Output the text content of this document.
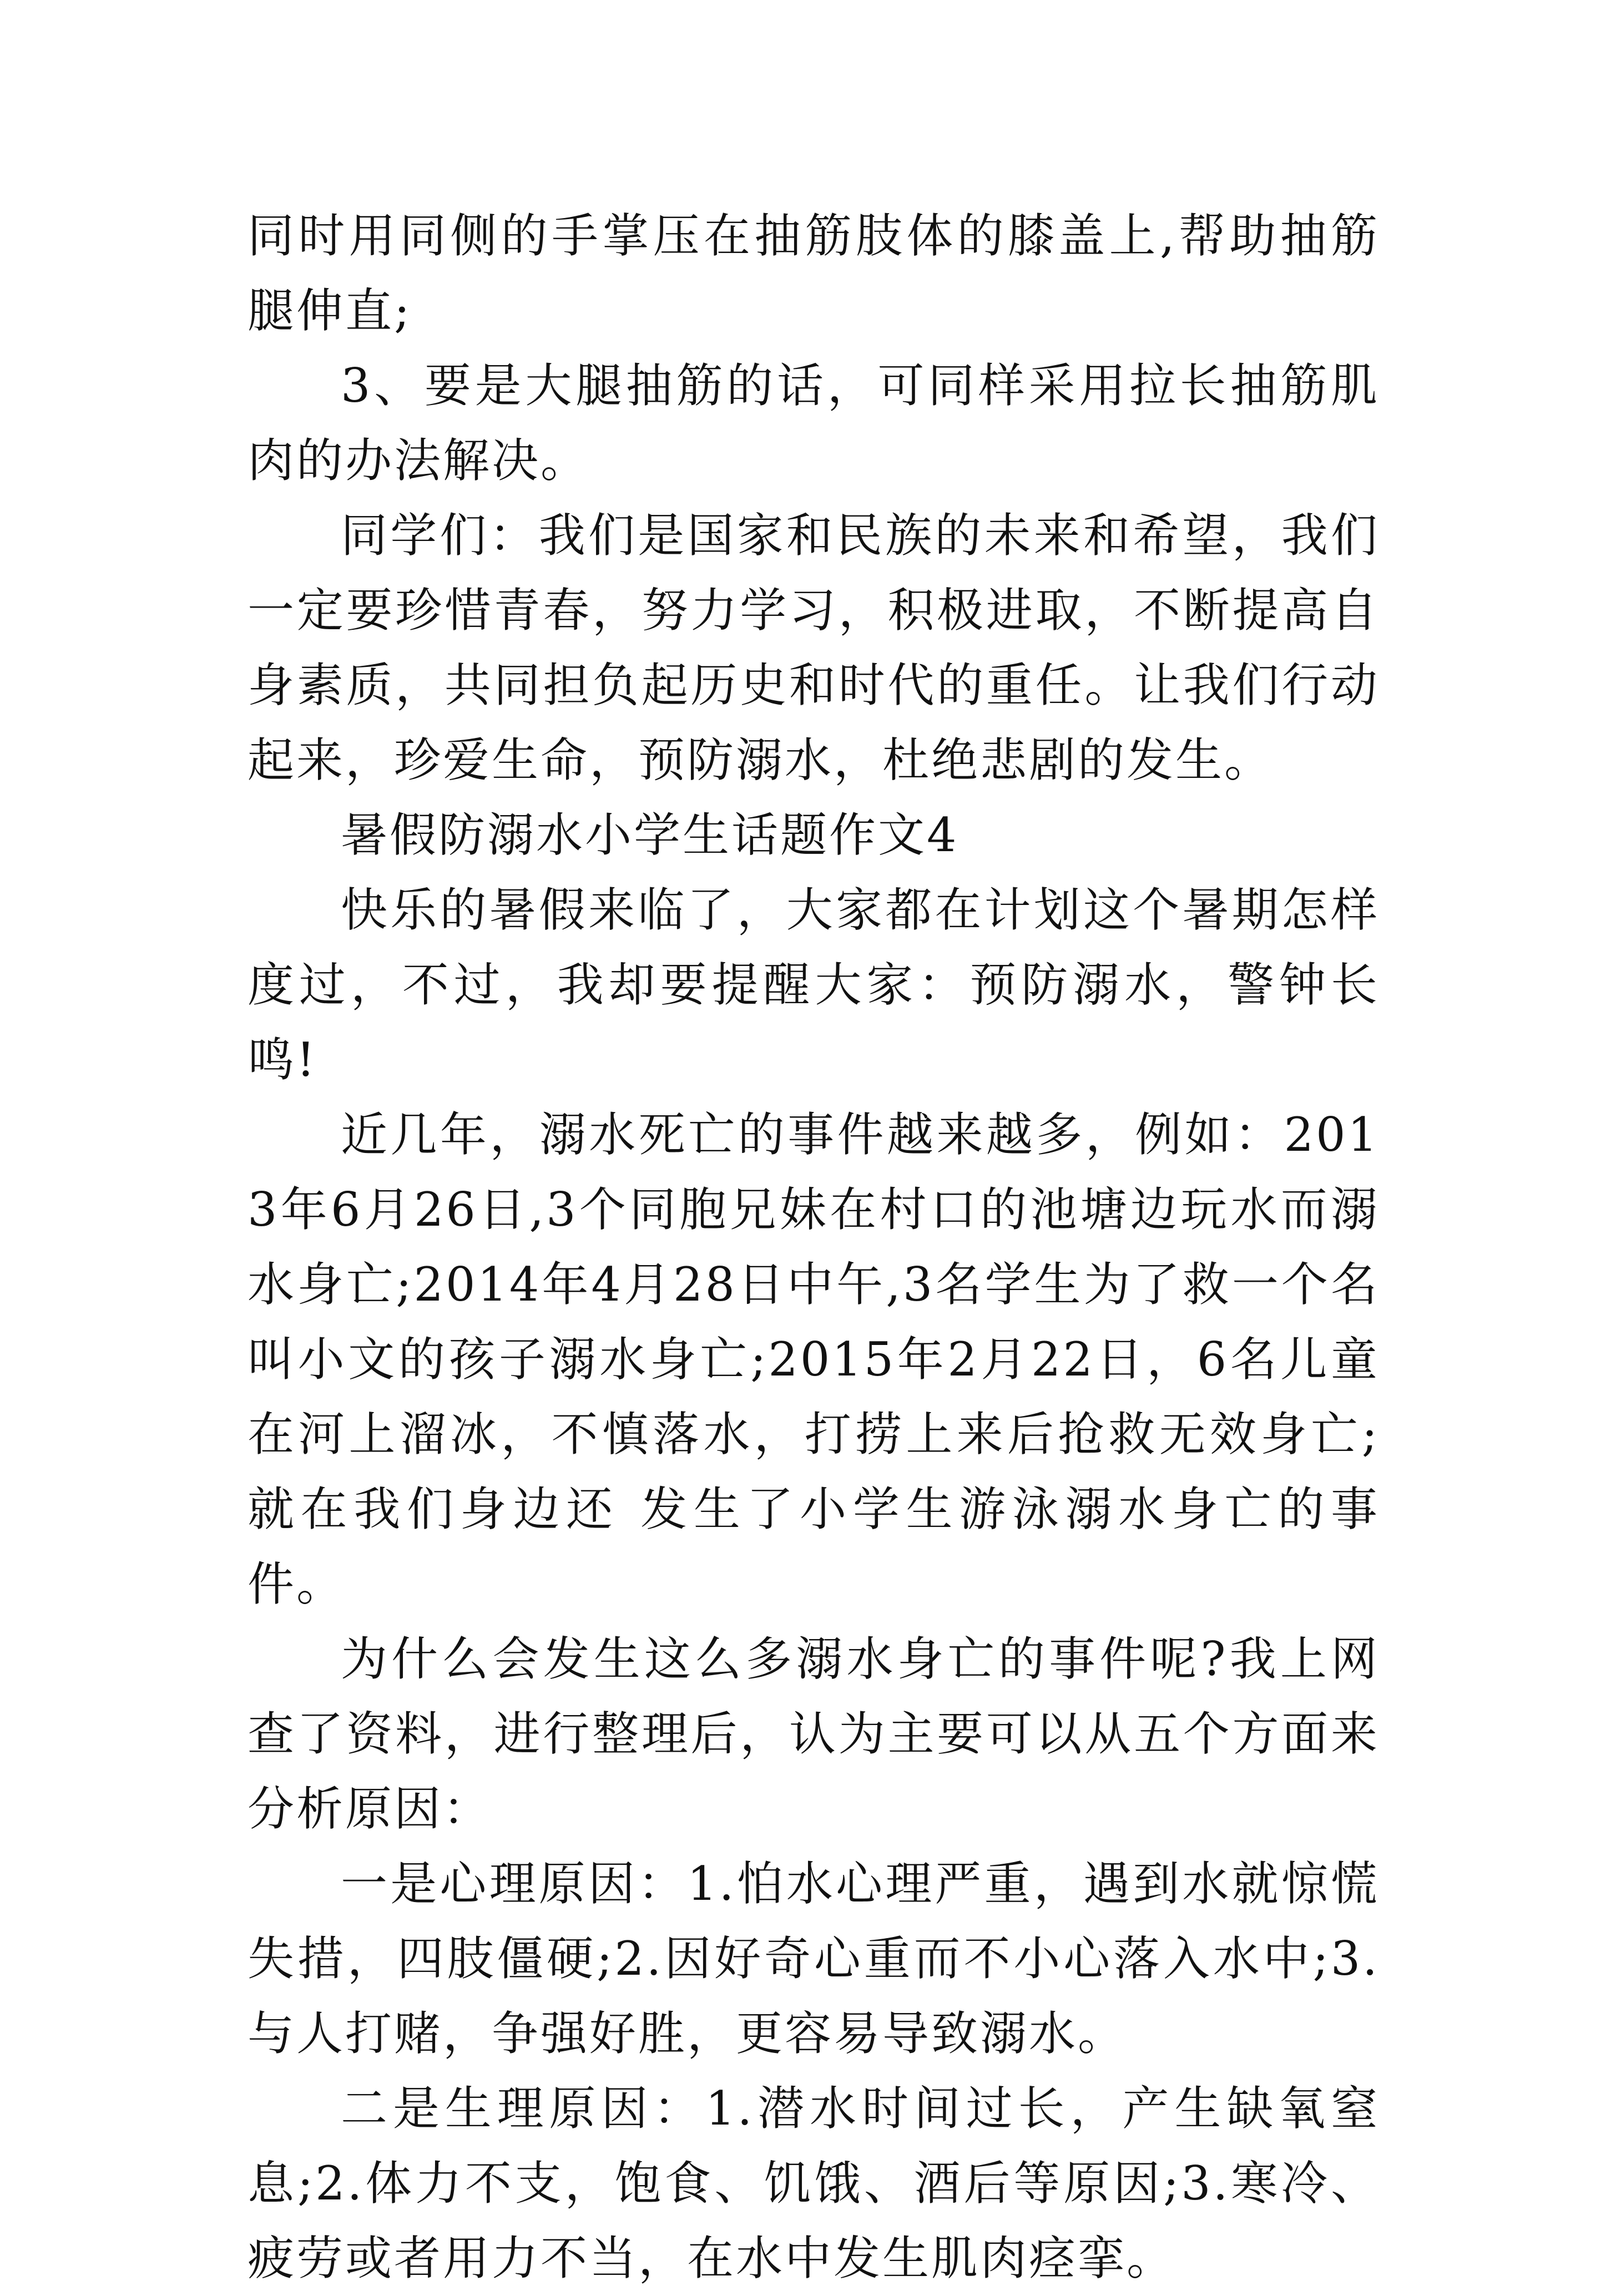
同时用同侧的手掌压在抽筋肢体的膝盖上,帮助抽筋腿伸直;

3、要是大腿抽筋的话，可同样采用拉长抽筋肌肉的办法解决。

同学们：我们是国家和民族的未来和希望，我们一定要珍惜青春，努力学习，积极进取，不断提高自身素质，共同担负起历史和时代的重任。让我们行动起来，珍爱生命，预防溺水，杜绝悲剧的发生。

暑假防溺水小学生话题作文4

快乐的暑假来临了，大家都在计划这个暑期怎样度过，不过，我却要提醒大家：预防溺水，警钟长鸣!

近几年，溺水死亡的事件越来越多，例如：2013年6月26日,3个同胞兄妹在村口的池塘边玩水而溺水身亡;2014年4月28日中午,3名学生为了救一个名叫小文的孩子溺水身亡;2015年2月22日，6名儿童在河上溜冰，不慎落水，打捞上来后抢救无效身亡;就在我们身边还 发生了小学生游泳溺水身亡的事件。

为什么会发生这么多溺水身亡的事件呢?我上网查了资料，进行整理后，认为主要可以从五个方面来分析原因：

一是心理原因：1.怕水心理严重，遇到水就惊慌失措，四肢僵硬;2.因好奇心重而不小心落入水中;3.与人打赌，争强好胜，更容易导致溺水。

二是生理原因：1.潜水时间过长，产生缺氧窒息;2.体力不支，饱食、饥饿、酒后等原因;3.寒冷、疲劳或者用力不当，在水中发生肌肉痉挛。
